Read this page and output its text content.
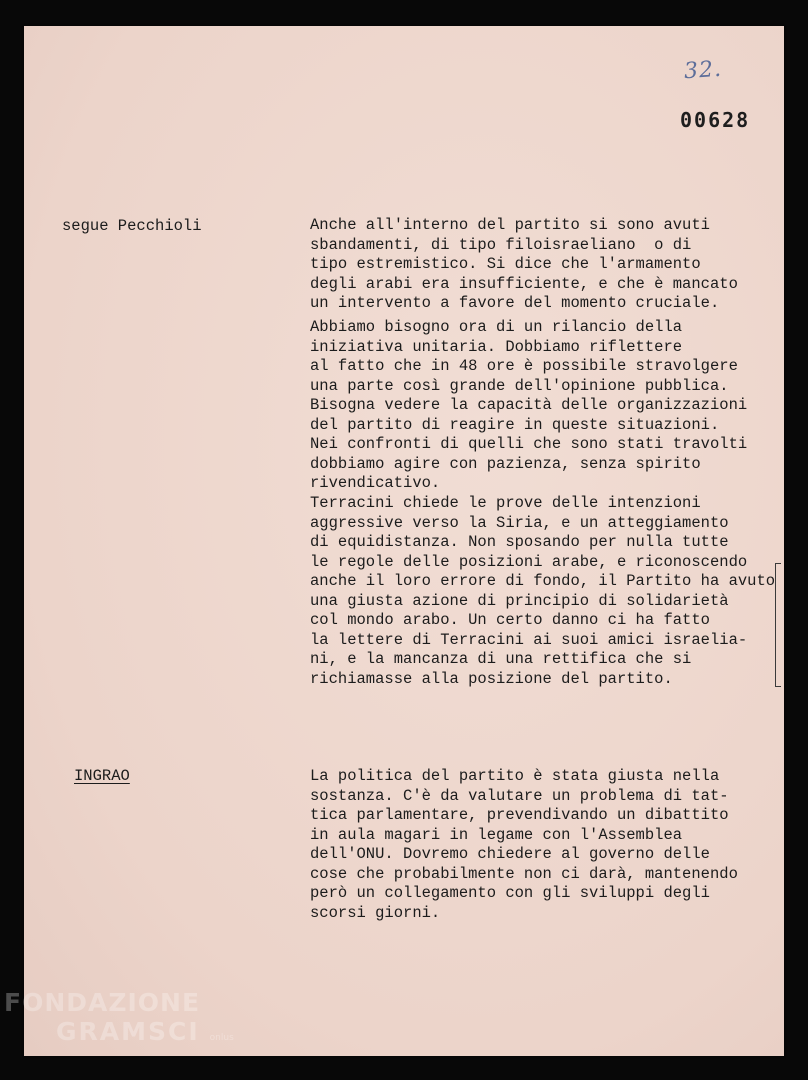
32.
00628
segue Pecchioli	Anche all'interno del partito si sono avuti
sbandamenti, di tipo filoisraeliano  o di
tipo estremistico. Si dice che l'armamento
degli arabi era insufficiente, e che è mancato
un intervento a favore del momento cruciale.
Abbiamo bisogno ora di un rilancio della
iniziativa unitaria. Dobbiamo riflettere
al fatto che in 48 ore è possibile stravolgere
una parte così grande dell'opinione pubblica.
Bisogna vedere la capacità delle organizzazioni
del partito di reagire in queste situazioni.
Nei confronti di quelli che sono stati travolti
dobbiamo agire con pazienza, senza spirito
rivendicativo.
Terracini chiede le prove delle intenzioni
aggressive verso la Siria, e un atteggiamento
di equidistanza. Non sposando per nulla tutte
le regole delle posizioni arabe, e riconoscendo
anche il loro errore di fondo, il Partito ha avuto
una giusta azione di principio di solidarietà
col mondo arabo. Un certo danno ci ha fatto
la lettere di Terracini ai suoi amici israelia-
ni, e la mancanza di una rettifica che si
richiamasse alla posizione del partito.
INGRAO	La politica del partito è stata giusta nella
sostanza. C'è da valutare un problema di tat-
tica parlamentare, prevendivando un dibattito
in aula magari in legame con l'Assemblea
dell'ONU. Dovremo chiedere al governo delle
cose che probabilmente non ci darà, mantenendo
però un collegamento con gli sviluppi degli
scorsi giorni.
FONDAZIONE
GRAMSCI onlus
